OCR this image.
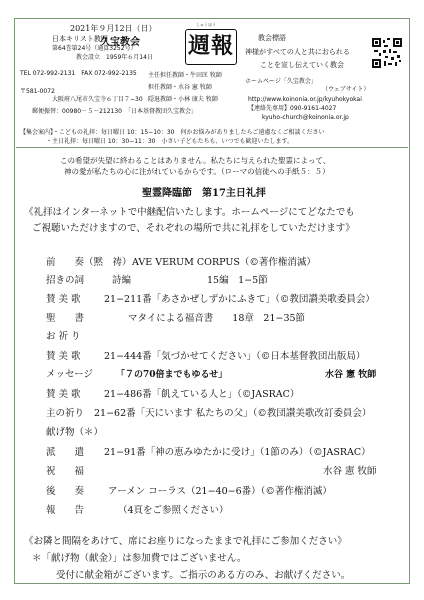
2021年９月12日（日）
日本キリスト教団
久宝教会
第64巻第24号（通算3252号）
教会設立　1959年６月14日
〒581-0072
大阪府八尾市久宝寺６丁目７−30
TEL 072-992-2131　FAX 072-992-2135
郵便振替：00980－５－212130　「日本基督教団久宝教会」
主任担任教師・牛田匡 牧師
担任教師・水谷 憲 牧師
隠退教師・小林 康夫 牧師
しゅうほう
週報	教会標語
神様がすべての人と共におられる
ことを宣し伝えていく教会
ホームページ「久宝教会」
（ウェブサイト）
http://www.koinonia.or.jp/kyuhokyokai
【連絡先専用】090-9161-4027
kyuho-church@koinonia.or.jp
【集会案内】・こどもの礼拝：毎日曜日 10：15−10：30　何かお悩みがありましたらご遠慮なくご相談ください
・主日礼拝：毎日曜日 10：30−11：30　小さい子どもたちも、いつでも歓迎いたします。
この希望が失望に終わることはありません。私たちに与えられた聖霊によって、
神の愛が私たちの心に注がれているからです。（ローマの信徒への手紙５：５）
聖霊降臨節　第17主日礼拝
《礼拝はインターネットで中継配信いたします。ホームページにてどなたでも
ご視聴いただけますので、それぞれの場所で共に礼拝をしていただけます》
前　　奏（黙　祷） AVE VERUM CORPUS（©著作権消滅）
招きの詞	詩編　　　　　　　　15編　1−5節
賛 美 歌 21−211番「あさかぜしずかにふきて」（©教団讃美歌委員会）
聖　　書	マタイによる福音書　　18章　21−35節
お 祈 り
賛 美 歌 21−444番「気づかせてください」（©日本基督教団出版局）
メッセージ	「７の70倍までもゆるせ」	水谷 憲 牧師
賛 美 歌 21−486番「飢えている人と」（©JASRAC）
主の祈り 21−62番「天にいます 私たちの父」（©教団讃美歌改訂委員会）
献げ物（＊）
派　　遣 21−91番「神の恵みゆたかに受け」（1節のみ）（©JASRAC）
祝　　福	水谷 憲 牧師
後　　奏	アーメン コーラス（21−40−6番）（©著作権消滅）
報　　告	（4頁をご参照ください）
《お隣と間隔をあけて、席にお座りになったままで礼拝にご参加ください》
＊「献げ物（献金）」は参加費ではございません。
受付に献金箱がございます。ご指示のある方のみ、お献げください。
